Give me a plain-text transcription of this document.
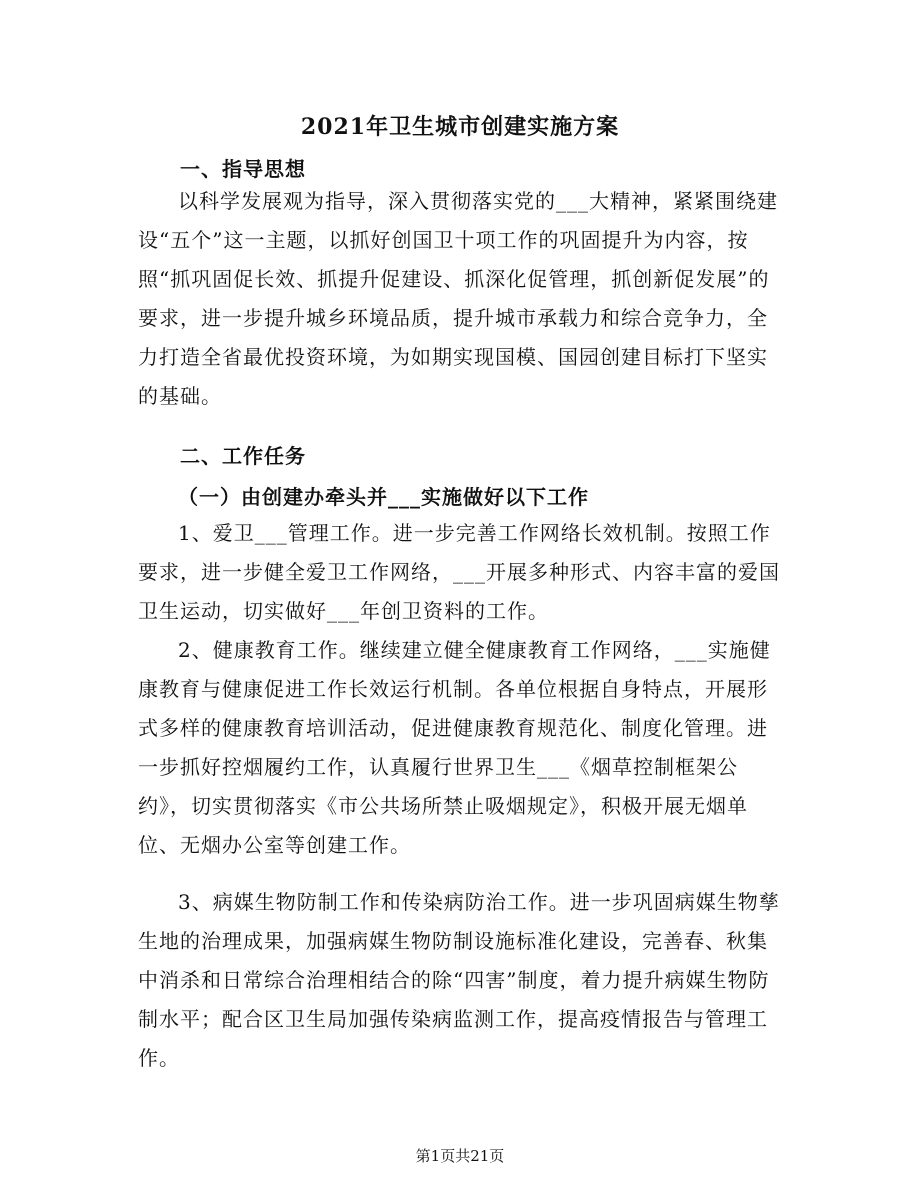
2021年卫生城市创建实施方案
一、指导思想

以科学发展观为指导，深入贯彻落实党的___大精神，紧紧围绕建设“五个”这一主题，以抓好创国卫十项工作的巩固提升为内容，按照“抓巩固促长效、抓提升促建设、抓深化促管理，抓创新促发展”的要求，进一步提升城乡环境品质，提升城市承载力和综合竞争力，全力打造全省最优投资环境，为如期实现国模、国园创建目标打下坚实的基础。

二、工作任务
（一）由创建办牵头并___实施做好以下工作

1、爱卫___管理工作。进一步完善工作网络长效机制。按照工作要求，进一步健全爱卫工作网络，___开展多种形式、内容丰富的爱国卫生运动，切实做好___年创卫资料的工作。

2、健康教育工作。继续建立健全健康教育工作网络，___实施健康教育与健康促进工作长效运行机制。各单位根据自身特点，开展形式多样的健康教育培训活动，促进健康教育规范化、制度化管理。进一步抓好控烟履约工作，认真履行世界卫生___《烟草控制框架公约》，切实贯彻落实《市公共场所禁止吸烟规定》，积极开展无烟单位、无烟办公室等创建工作。

3、病媒生物防制工作和传染病防治工作。进一步巩固病媒生物孳生地的治理成果，加强病媒生物防制设施标准化建设，完善春、秋集中消杀和日常综合治理相结合的除“四害”制度，着力提升病媒生物防制水平；配合区卫生局加强传染病监测工作，提高疫情报告与管理工作。

第1页共21页
